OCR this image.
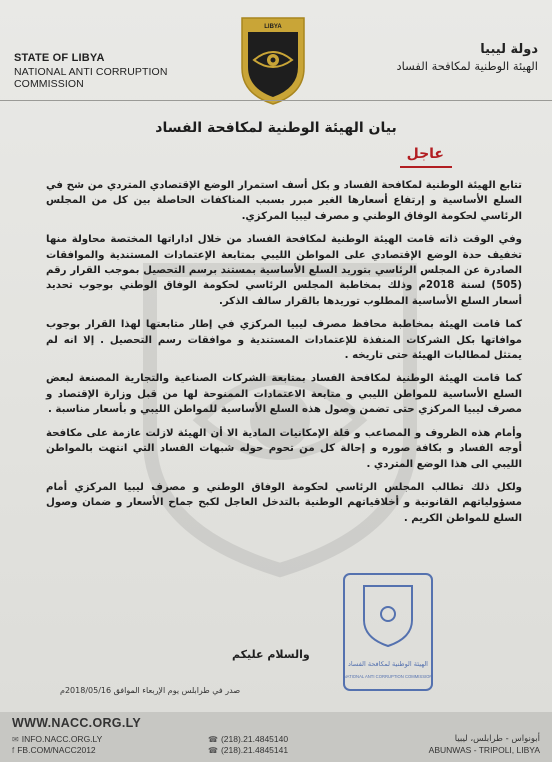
STATE OF LIBYA
NATIONAL ANTI CORRUPTION COMMISSION
LIBYA
دولة ليبيا
الهيئة الوطنية لمكافحة الفساد
بيان الهيئة الوطنية لمكافحة الفساد
عاجل

تتابع الهيئة الوطنية لمكافحة الفساد و بكل أسف استمرار الوضع الإقتصادي المتردي من شح في السلع الأساسية و إرتفاع أسعارها الغير مبرر بسبب المناكفات الحاصلة بين كل من المجلس الرئاسي لحكومة الوفاق الوطني و مصرف ليبيا المركزي.

وفي الوقت ذاته قامت الهيئة الوطنية لمكافحة الفساد من خلال اداراتها المختصة محاولة منها تخفيف حدة الوضع الإقتصادي على المواطن الليبي بمتابعة الإعتمادات المستندية والموافقات الصادرة عن المجلس الرئاسي بتوريد السلع الأساسية بمستند برسم التحصيل بموجب القرار رقم (505) لسنة 2018م وذلك بمخاطبة المجلس الرئاسي لحكومة الوفاق الوطني بوجوب تحديد أسعار السلع الأساسية المطلوب توريدها بالقرار سالف الذكر.

كما قامت الهيئة بمخاطبة محافظ مصرف ليبيا المركزي في إطار متابعتها لهذا القرار بوجوب موافاتها بكل الشركات المنفذة للإعتمادات المستندية و موافقات رسم التحصيل . إلا انه لم يمتثل لمطالبات الهيئة حتى تاريخه .

كما قامت الهيئة الوطنية لمكافحة الفساد بمتابعة الشركات الصناعية والتجارية المصنعة لبعض السلع الأساسية للمواطن الليبي و متابعة الاعتمادات الممنوحة لها من قبل وزارة الإقتصاد و مصرف ليبيا المركزي حتى تضمن وصول هذه السلع الأساسية للمواطن الليبي و بأسعار مناسبة .

وأمام هذه الظروف و المصاعب و قلة الإمكانيات المادية الا أن الهيئة لازلت عازمة على مكافحة أوجه الفساد و بكافة صوره و إحالة كل من تحوم حوله شبهات الفساد التي انتهت بالمواطن الليبي الى هذا الوضع المتردي .

ولكل ذلك تطالب المجلس الرئاسي لحكومة الوفاق الوطني و مصرف ليبيا المركزي أمام مسؤولياتهم القانونية و أخلاقياتهم الوطنية بالتدخل العاجل لكبح جماح الأسعار و ضمان وصول السلع للمواطن الكريم .

الهيئة الوطنية لمكافحة الفساد
NATIONAL ANTI CORRUPTION COMMISSION
والسلام عليكم
صدر في طرابلس يوم الإربعاء الموافق 2018/05/16م
WWW.NACC.ORG.LY
✉ INFO.NACC.ORG.LY
f FB.COM/NACC2012
☎ (218).21.4845140
☎ (218).21.4845141
أبونواس - طرابلس، ليبيا
ABUNWAS - TRIPOLI, LIBYA
